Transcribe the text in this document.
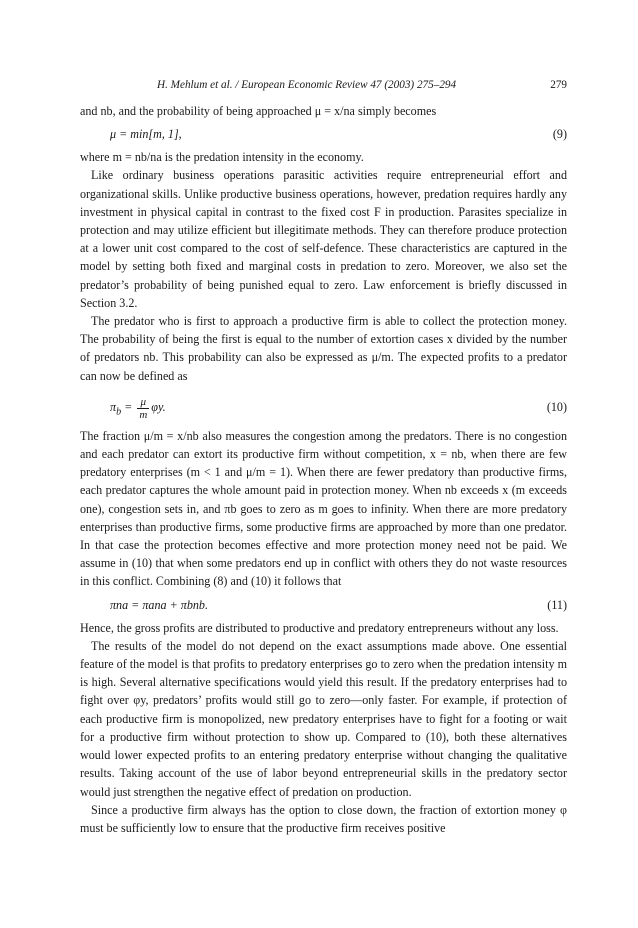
H. Mehlum et al. / European Economic Review 47 (2003) 275–294	279

and nb, and the probability of being approached μ = x/na simply becomes

μ = min[m, 1],	(9)

where m = nb/na is the predation intensity in the economy.

Like ordinary business operations parasitic activities require entrepreneurial effort and organizational skills. Unlike productive business operations, however, predation requires hardly any investment in physical capital in contrast to the fixed cost F in production. Parasites specialize in protection and may utilize efficient but illegitimate methods. They can therefore produce protection at a lower unit cost compared to the cost of self-defence. These characteristics are captured in the model by setting both fixed and marginal costs in predation to zero. Moreover, we also set the predator’s probability of being punished equal to zero. Law enforcement is briefly discussed in Section 3.2.

The predator who is first to approach a productive firm is able to collect the protection money. The probability of being the first is equal to the number of extortion cases x divided by the number of predators nb. This probability can also be expressed as μ/m. The expected profits to a predator can now be defined as

$\pi_b = \frac{\mu}{m} \varphi y$.	(10)

The fraction μ/m = x/nb also measures the congestion among the predators. There is no congestion and each predator can extort its productive firm without competition, x = nb, when there are few predatory enterprises (m < 1 and μ/m = 1). When there are fewer predatory than productive firms, each predator captures the whole amount paid in protection money. When nb exceeds x (m exceeds one), congestion sets in, and πb goes to zero as m goes to infinity. When there are more predatory enterprises than productive firms, some productive firms are approached by more than one predator. In that case the protection becomes effective and more protection money need not be paid. We assume in (10) that when some predators end up in conflict with others they do not waste resources in this conflict. Combining (8) and (10) it follows that

πna = πana + πbnb.	(11)

Hence, the gross profits are distributed to productive and predatory entrepreneurs without any loss.

The results of the model do not depend on the exact assumptions made above. One essential feature of the model is that profits to predatory enterprises go to zero when the predation intensity m is high. Several alternative specifications would yield this result. If the predatory enterprises had to fight over φy, predators’ profits would still go to zero—only faster. For example, if protection of each productive firm is monopolized, new predatory enterprises have to fight for a footing or wait for a productive firm without protection to show up. Compared to (10), both these alternatives would lower expected profits to an entering predatory enterprise without changing the qualitative results. Taking account of the use of labor beyond entrepreneurial skills in the predatory sector would just strengthen the negative effect of predation on production.

Since a productive firm always has the option to close down, the fraction of extortion money φ must be sufficiently low to ensure that the productive firm receives positive
